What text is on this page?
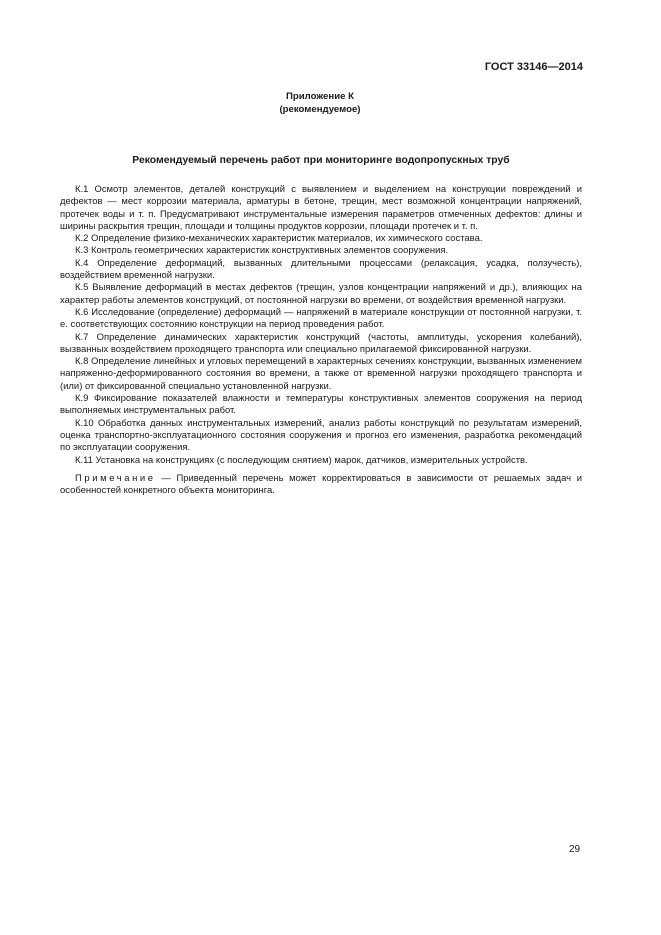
ГОСТ 33146—2014
Приложение К
(рекомендуемое)
Рекомендуемый перечень работ при мониторинге водопропускных труб

К.1 Осмотр элементов, деталей конструкций с выявлением и выделением на конструкции повреждений и дефектов — мест коррозии материала, арматуры в бетоне, трещин, мест возможной концентрации напряжений, протечек воды и т. п. Предусматривают инструментальные измерения параметров отмеченных дефектов: длины и ширины раскрытия трещин, площади и толщины продуктов коррозии, площади протечек и т. п.

К.2 Определение физико-механических характеристик материалов, их химического состава.

К.3 Контроль геометрических характеристик конструктивных элементов сооружения.

К.4 Определение деформаций, вызванных длительными процессами (релаксация, усадка, ползучесть), воздействием временной нагрузки.

К.5 Выявление деформаций в местах дефектов (трещин, узлов концентрации напряжений и др.), влияющих на характер работы элементов конструкций, от постоянной нагрузки во времени, от воздействия временной нагрузки.

К.6 Исследование (определение) деформаций — напряжений в материале конструкции от постоянной нагрузки, т. е. соответствующих состоянию конструкции на период проведения работ.

К.7 Определение динамических характеристик конструкций (частоты, амплитуды, ускорения колебаний), вызванных воздействием проходящего транспорта или специально прилагаемой фиксированной нагрузки.

К.8 Определение линейных и угловых перемещений в характерных сечениях конструкции, вызванных изменением напряженно-деформированного состояния во времени, а также от временной нагрузки проходящего транспорта и (или) от фиксированной специально установленной нагрузки.

К.9 Фиксирование показателей влажности и температуры конструктивных элементов сооружения на период выполняемых инструментальных работ.

К.10 Обработка данных инструментальных измерений, анализ работы конструкций по результатам измерений, оценка транспортно-эксплуатационного состояния сооружения и прогноз его изменения, разработка рекомендаций по эксплуатации сооружения.

К.11 Установка на конструкциях (с последующим снятием) марок, датчиков, измерительных устройств.

Примечание — Приведенный перечень может корректироваться в зависимости от решаемых задач и особенностей конкретного объекта мониторинга.

29
